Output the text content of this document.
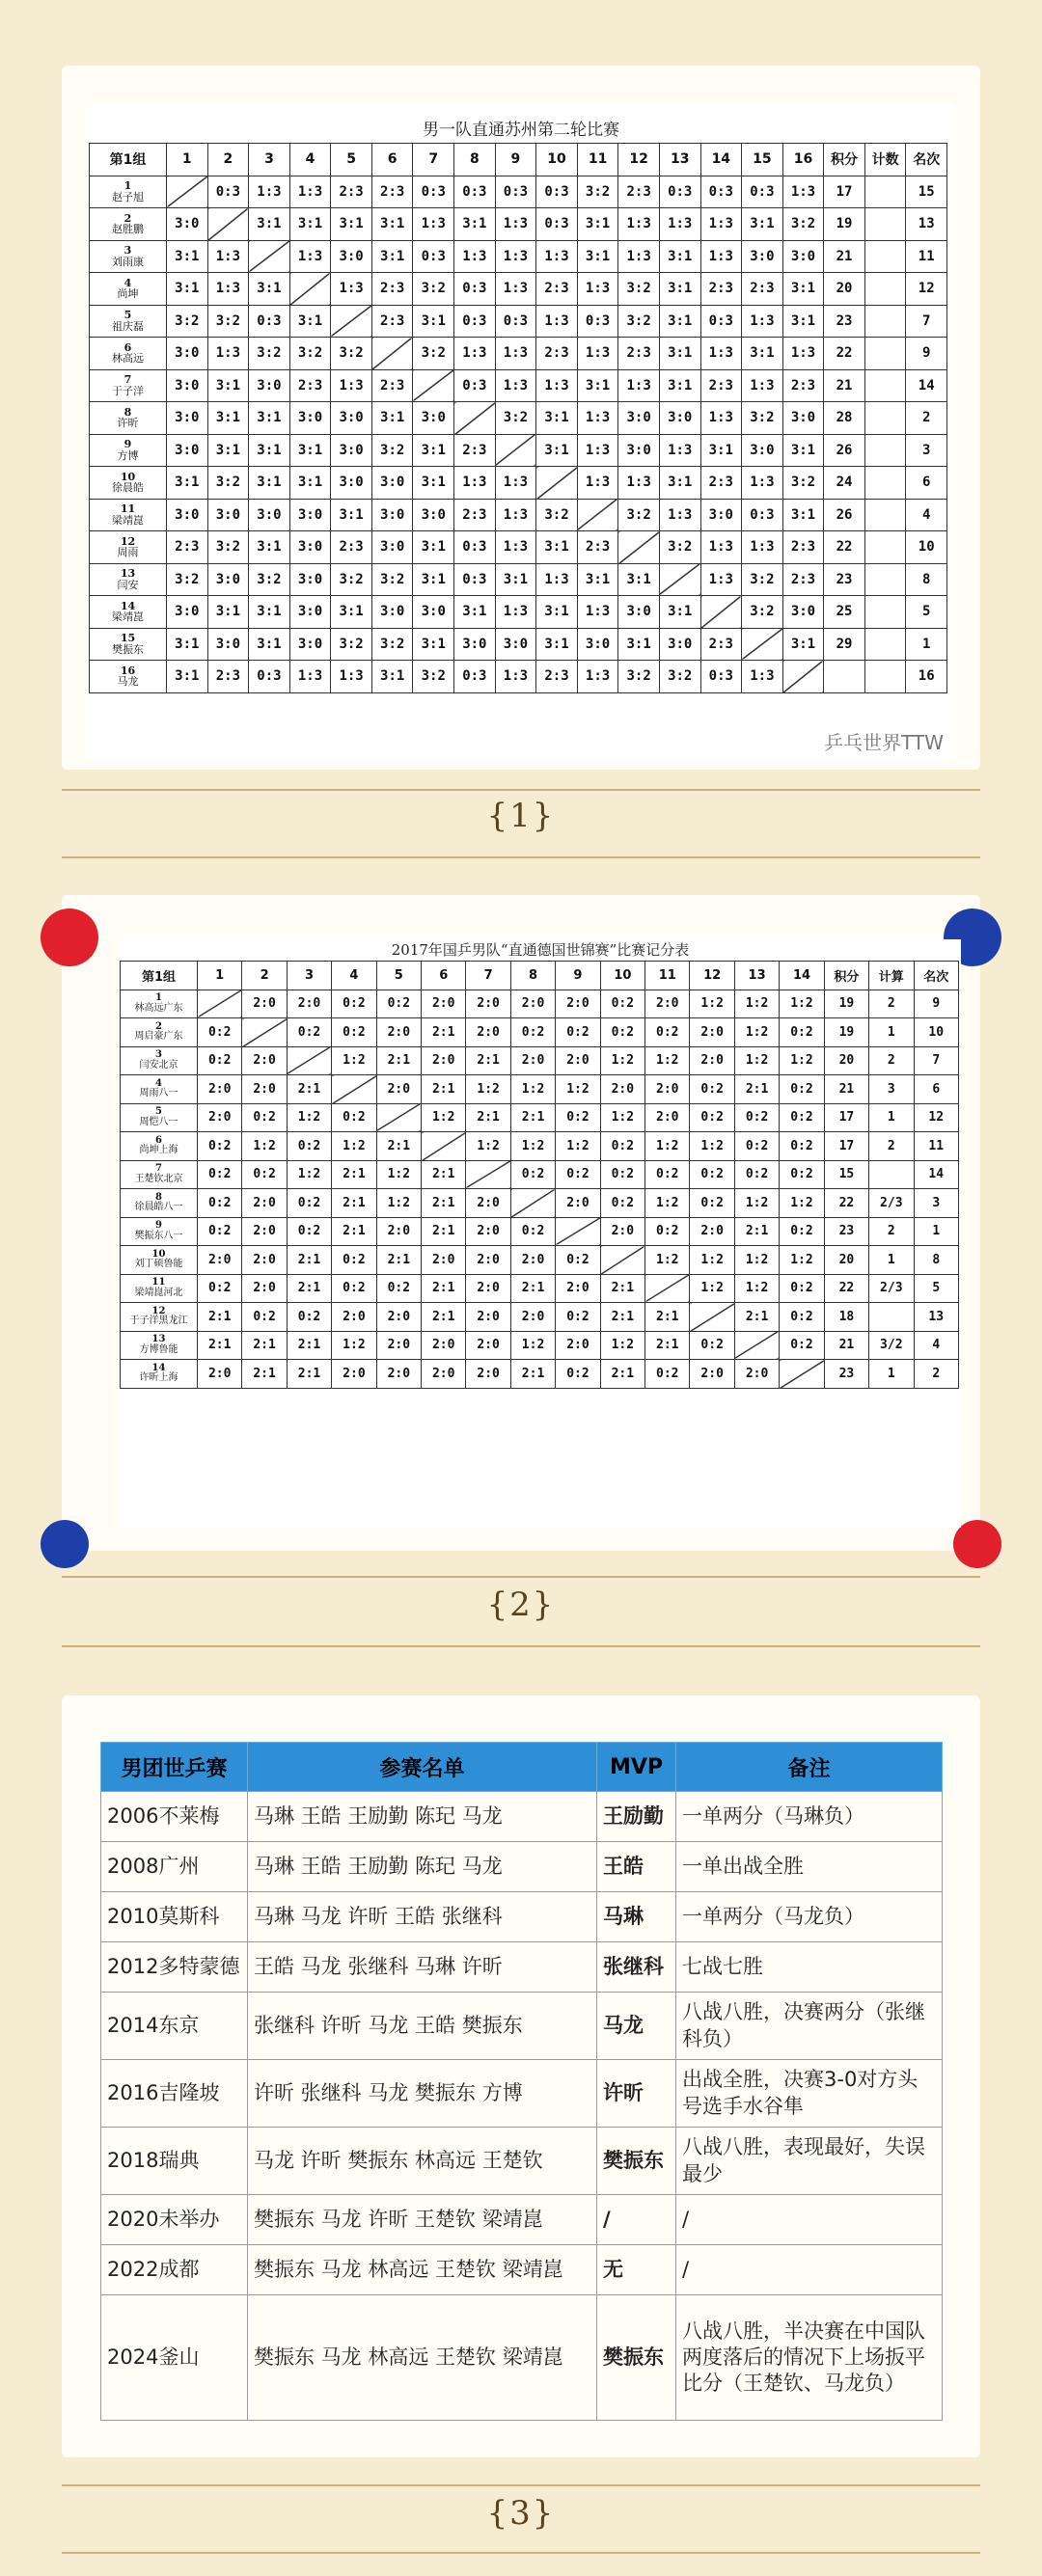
男一队直通苏州第二轮比赛
第1组	1	2	3	4	5	6	7	8	9	10	11	12	13	14	15	16	积分	计数	名次

1
赵子旭		0:3	1:3	1:3	2:3	2:3	0:3	0:3	0:3	0:3	3:2	2:3	0:3	0:3	0:3	1:3	17		15

2
赵胜鹏	3:0		3:1	3:1	3:1	3:1	1:3	3:1	1:3	0:3	3:1	1:3	1:3	1:3	3:1	3:2	19		13

3
刘雨康	3:1	1:3		1:3	3:0	3:1	0:3	1:3	1:3	1:3	3:1	1:3	3:1	1:3	3:0	3:0	21		11

4
尚坤	3:1	1:3	3:1		1:3	2:3	3:2	0:3	1:3	2:3	1:3	3:2	3:1	2:3	2:3	3:1	20		12

5
祖庆磊	3:2	3:2	0:3	3:1		2:3	3:1	0:3	0:3	1:3	0:3	3:2	3:1	0:3	1:3	3:1	23		7

6
林高远	3:0	1:3	3:2	3:2	3:2		3:2	1:3	1:3	2:3	1:3	2:3	3:1	1:3	3:1	1:3	22		9

7
于子洋	3:0	3:1	3:0	2:3	1:3	2:3		0:3	1:3	1:3	3:1	1:3	3:1	2:3	1:3	2:3	21		14

8
许昕	3:0	3:1	3:1	3:0	3:0	3:1	3:0		3:2	3:1	1:3	3:0	3:0	1:3	3:2	3:0	28		2

9
方博	3:0	3:1	3:1	3:1	3:0	3:2	3:1	2:3		3:1	1:3	3:0	1:3	3:1	3:0	3:1	26		3

10
徐晨皓	3:1	3:2	3:1	3:1	3:0	3:0	3:1	1:3	1:3		1:3	1:3	3:1	2:3	1:3	3:2	24		6

11
梁靖崑	3:0	3:0	3:0	3:0	3:1	3:0	3:0	2:3	1:3	3:2		3:2	1:3	3:0	0:3	3:1	26		4

12
周雨	2:3	3:2	3:1	3:0	2:3	3:0	3:1	0:3	1:3	3:1	2:3		3:2	1:3	1:3	2:3	22		10

13
闫安	3:2	3:0	3:2	3:0	3:2	3:2	3:1	0:3	3:1	1:3	3:1	3:1		1:3	3:2	2:3	23		8

14
梁靖崑	3:0	3:1	3:1	3:0	3:1	3:0	3:0	3:1	1:3	3:1	1:3	3:0	3:1		3:2	3:0	25		5

15
樊振东	3:1	3:0	3:1	3:0	3:2	3:2	3:1	3:0	3:0	3:1	3:0	3:1	3:0	2:3		3:1	29		1

16
马龙	3:1	2:3	0:3	1:3	1:3	3:1	3:2	0:3	1:3	2:3	1:3	3:2	3:2	0:3	1:3				16
乒乓世界TTW
{1}
2017年国乒男队“直通德国世锦赛”比赛记分表
第1组	1	2	3	4	5	6	7	8	9	10	11	12	13	14	积分	计算	名次

1
林高远广东		2:0	2:0	0:2	0:2	2:0	2:0	2:0	2:0	0:2	2:0	1:2	1:2	1:2	19	2	9

2
周启豪广东	0:2		0:2	0:2	2:0	2:1	2:0	0:2	0:2	0:2	0:2	2:0	1:2	0:2	19	1	10

3
闫安北京	0:2	2:0		1:2	2:1	2:0	2:1	2:0	2:0	1:2	1:2	2:0	1:2	1:2	20	2	7

4
周雨八一	2:0	2:0	2:1		2:0	2:1	1:2	1:2	1:2	2:0	2:0	0:2	2:1	0:2	21	3	6

5
周恺八一	2:0	0:2	1:2	0:2		1:2	2:1	2:1	0:2	1:2	2:0	0:2	0:2	0:2	17	1	12

6
尚坤上海	0:2	1:2	0:2	1:2	2:1		1:2	1:2	1:2	0:2	1:2	1:2	0:2	0:2	17	2	11

7
王楚钦北京	0:2	0:2	1:2	2:1	1:2	2:1		0:2	0:2	0:2	0:2	0:2	0:2	0:2	15		14

8
徐晨皓八一	0:2	2:0	0:2	2:1	1:2	2:1	2:0		2:0	0:2	1:2	0:2	1:2	1:2	22	2/3	3

9
樊振东八一	0:2	2:0	0:2	2:1	2:0	2:1	2:0	0:2		2:0	0:2	2:0	2:1	0:2	23	2	1

10
刘丁硕鲁能	2:0	2:0	2:1	0:2	2:1	2:0	2:0	2:0	0:2		1:2	1:2	1:2	1:2	20	1	8

11
梁靖崑河北	0:2	2:0	2:1	0:2	0:2	2:1	2:0	2:1	2:0	2:1		1:2	1:2	0:2	22	2/3	5

12
于子洋黑龙江	2:1	0:2	0:2	2:0	2:0	2:1	2:0	2:0	0:2	2:1	2:1		2:1	0:2	18		13

13
方博鲁能	2:1	2:1	2:1	1:2	2:0	2:0	2:0	1:2	2:0	1:2	2:1	0:2		0:2	21	3/2	4

14
许昕上海	2:0	2:1	2:1	2:0	2:0	2:0	2:0	2:1	0:2	2:1	0:2	2:0	2:0		23	1	2
{2}
男团世乒赛	参赛名单	MVP	备注
2006不莱梅	马琳 王皓 王励勤 陈玘 马龙	王励勤	一单两分（马琳负）
2008广州	马琳 王皓 王励勤 陈玘 马龙	王皓	一单出战全胜
2010莫斯科	马琳 马龙 许昕 王皓 张继科	马琳	一单两分（马龙负）
2012多特蒙德	王皓 马龙 张继科 马琳 许昕	张继科	七战七胜
2014东京	张继科 许昕 马龙 王皓 樊振东	马龙	八战八胜，决赛两分（张继科负）
2016吉隆坡	许昕 张继科 马龙 樊振东 方博	许昕	出战全胜，决赛3-0对方头号选手水谷隼
2018瑞典	马龙 许昕 樊振东 林高远 王楚钦	樊振东	八战八胜，表现最好，失误最少
2020未举办	樊振东 马龙 许昕 王楚钦 梁靖崑	/	/
2022成都	樊振东 马龙 林高远 王楚钦 梁靖崑	无	/
2024釜山	樊振东 马龙 林高远 王楚钦 梁靖崑	樊振东	八战八胜，半决赛在中国队两度落后的情况下上场扳平比分（王楚钦、马龙负）
{3}
